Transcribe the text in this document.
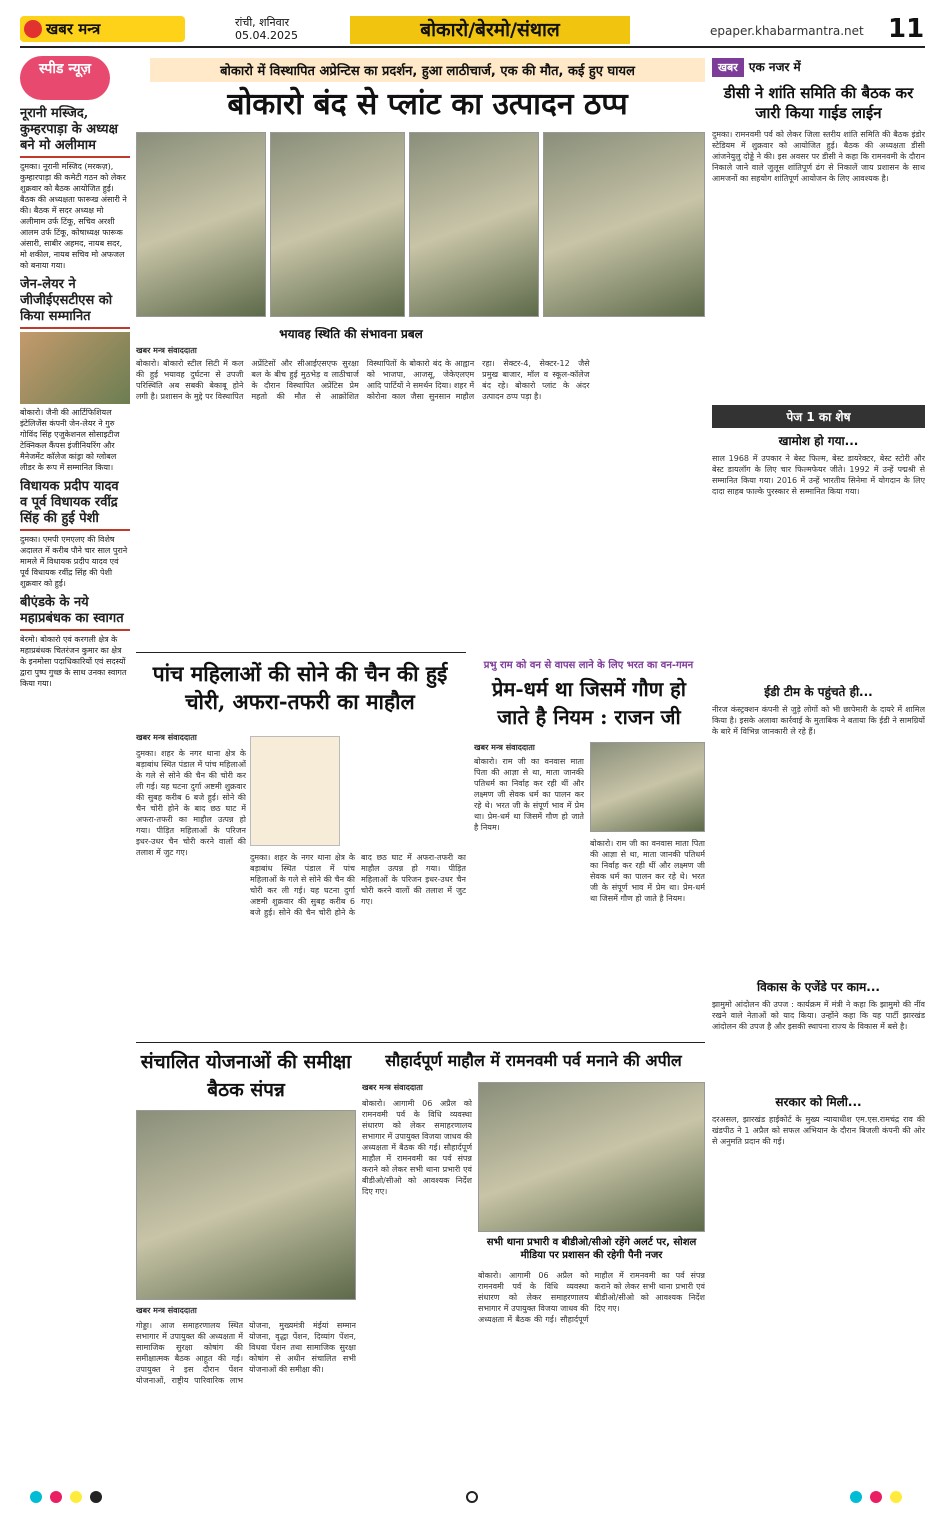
खबर मन्त्र	रांची, शनिवार
05.04.2025	बोकारो/बेरमो/संथाल	epaper.khabarmantra.net 11
स्पीड न्यूज़
नूरानी मस्जिद, कुम्हरपाड़ा के अध्यक्ष बने मो अलीमाम
दुमका। नूरानी मस्जिद (मरकज़), कुम्हारपाड़ा की कमेटी गठन को लेकर शुक्रवार को बैठक आयोजित हुई। बैठक की अध्यक्षता फारूख अंसारी ने की। बैठक में सदर अध्यक्ष मो अलीमाम उर्फ टिंकू, सचिव अरशी आलम उर्फ टिंकू, कोषाध्यक्ष फारूक अंसारी, साबीर अहमद, नायब सदर, मो शकील, नायब सचिव मो अफजल को बनाया गया।
जेन-लेयर ने जीजीईएसटीएस को किया सम्मानित
बोकारो। जैनी की आर्टिफिशियल इंटेलिजेंस कंपनी जेन-लेयर ने गुरु गोविंद सिंह एजुकेशनल सोसाइटीज टेक्निकल कैंपस इंजीनियरिंग और मैनेजमेंट कॉलेज कांड्रा को ग्लोबल लीडर के रूप में सम्मानित किया।
विधायक प्रदीप यादव व पूर्व विधायक रवींद्र सिंह की हुई पेशी
दुमका। एमपी एमएलए की विशेष अदालत में करीब पौने चार साल पुराने मामले में विधायक प्रदीप यादव एवं पूर्व विधायक रवींद्र सिंह की पेशी शुक्रवार को हुई।
बीएंडके के नये महाप्रबंधक का स्वागत
बेरमो। बोकारो एवं करगली क्षेत्र के महाप्रबंधक चितरंजन कुमार का क्षेत्र के इनमोसा पदाधिकारियों एवं सदस्यों द्वारा पुष्प गुच्छ के साथ उनका स्वागत किया गया।
बोकारो में विस्थापित अप्रेन्टिस का प्रदर्शन, हुआ लाठीचार्ज, एक की मौत, कई हुए घायल
बोकारो बंद से प्लांट का उत्पादन ठप्प
भयावह स्थिति की संभावना प्रबल
खबर मन्त्र संवाददाता
बोकारो। बोकारो स्टील सिटी में कल की हुई भयावह दुर्घटना से उपजी परिस्थिति अब सबकी बेकाबू होने लगी है। प्रशासन के मुद्दे पर विस्थापित अप्रेंटिसों और सीआईएसएफ सुरक्षा बल के बीच हुई मुठभेड़ व लाठीचार्ज के दौरान विस्थापित अप्रेंटिस प्रेम महतो की मौत से आक्रोशित विस्थापितों के बोकारो बंद के आह्वान को भाजपा, आजसू, जेकेएलएम आदि पार्टियों ने समर्थन दिया। शहर में कोरोना काल जैसा सुनसान माहौल रहा। सेक्टर-4, सेक्टर-12 जैसे प्रमुख बाजार, मॉल व स्कूल-कॉलेज बंद रहे। बोकारो प्लांट के अंदर उत्पादन ठप्प पड़ा है।
पांच महिलाओं की सोने की चैन की हुई चोरी, अफरा-तफरी का माहौल
खबर मन्त्र संवाददाता
दुमका। शहर के नगर थाना क्षेत्र के बड़ाबांध स्थित पंडाल में पांच महिलाओं के गले से सोने की चैन की चोरी कर ली गई। यह घटना दुर्गा अष्टमी शुक्रवार की सुबह करीब 6 बजे हुई। सोने की चैन चोरी होने के बाद छठ घाट में अफरा-तफरी का माहौल उत्पन्न हो गया। पीड़ित महिलाओं के परिजन इधर-उधर चैन चोरी करने वालों की तलाश में जुट गए।
दुमका। शहर के नगर थाना क्षेत्र के बड़ाबांध स्थित पंडाल में पांच महिलाओं के गले से सोने की चैन की चोरी कर ली गई। यह घटना दुर्गा अष्टमी शुक्रवार की सुबह करीब 6 बजे हुई। सोने की चैन चोरी होने के बाद छठ घाट में अफरा-तफरी का माहौल उत्पन्न हो गया। पीड़ित महिलाओं के परिजन इधर-उधर चैन चोरी करने वालों की तलाश में जुट गए।
प्रभु राम को वन से वापस लाने के लिए भरत का वन-गमन
प्रेम-धर्म था जिसमें गौण हो जाते है नियम : राजन जी
खबर मन्त्र संवाददाता
बोकारो। राम जी का वनवास माता पिता की आज्ञा से था, माता जानकी पतिधर्म का निर्वाह कर रही थीं और लक्ष्मण जी सेवक धर्म का पालन कर रहे थे। भरत जी के संपूर्ण भाव में प्रेम था। प्रेम-धर्म था जिसमें गौण हो जाते है नियम।
बोकारो। राम जी का वनवास माता पिता की आज्ञा से था, माता जानकी पतिधर्म का निर्वाह कर रही थीं और लक्ष्मण जी सेवक धर्म का पालन कर रहे थे। भरत जी के संपूर्ण भाव में प्रेम था। प्रेम-धर्म था जिसमें गौण हो जाते है नियम।
संचालित योजनाओं की समीक्षा बैठक संपन्न
खबर मन्त्र संवाददाता
गोड्डा। आज समाहरणालय स्थित सभागार में उपायुक्त की अध्यक्षता में सामाजिक सुरक्षा कोषांग की समीक्षात्मक बैठक आहूत की गई। उपायुक्त ने इस दौरान पेंशन योजनाओं, राष्ट्रीय पारिवारिक लाभ योजना, मुख्यमंत्री मंईयां सम्मान योजना, वृद्धा पेंशन, दिव्यांग पेंशन, विधवा पेंशन तथा सामाजिक सुरक्षा कोषांग से अधीन संचालित सभी योजनाओं की समीक्षा की।
सौहार्दपूर्ण माहौल में रामनवमी पर्व मनाने की अपील
खबर मन्त्र संवाददाता
बोकारो। आगामी 06 अप्रैल को रामनवमी पर्व के विधि व्यवस्था संधारण को लेकर समाहरणालय सभागार में उपायुक्त विजया जाधव की अध्यक्षता में बैठक की गई। सौहार्दपूर्ण माहौल में रामनवमी का पर्व संपन्न कराने को लेकर सभी थाना प्रभारी एवं बीडीओ/सीओ को आवश्यक निर्देश दिए गए।
सभी थाना प्रभारी व बीडीओ/सीओ रहेंगे अलर्ट पर, सोशल मीडिया पर प्रशासन की रहेगी पैनी नजर
बोकारो। आगामी 06 अप्रैल को रामनवमी पर्व के विधि व्यवस्था संधारण को लेकर समाहरणालय सभागार में उपायुक्त विजया जाधव की अध्यक्षता में बैठक की गई। सौहार्दपूर्ण माहौल में रामनवमी का पर्व संपन्न कराने को लेकर सभी थाना प्रभारी एवं बीडीओ/सीओ को आवश्यक निर्देश दिए गए।
खबर एक नजर में
डीसी ने शांति समिति की बैठक कर जारी किया गाईड लाईन
दुमका। रामनवमी पर्व को लेकर जिला स्तरीय शांति समिति की बैठक इंडोर स्टेडियम में शुक्रवार को आयोजित हुई। बैठक की अध्यक्षता डीसी आंजनेयुलु दोड्डे ने की। इस अवसर पर डीसी ने कहा कि रामनवमी के दौरान निकाले जाने वाले जुलूस शांतिपूर्ण ढंग से निकालें जाय प्रशासन के साथ आमजनों का सहयोग शांतिपूर्ण आयोजन के लिए आवश्यक है।
पेज 1 का शेष
खामोश हो गया...
साल 1968 में उपकार ने बेस्ट फिल्म, बेस्ट डायरेक्टर, बेस्ट स्टोरी और बेस्ट डायलॉग के लिए चार फिल्मफेयर जीते। 1992 में उन्हें पद्मश्री से सम्मानित किया गया। 2016 में उन्हें भारतीय सिनेमा में योगदान के लिए दादा साहब फाल्के पुरस्कार से सम्मानित किया गया।
ईडी टीम के पहुंचते ही...
नीरज कंस्ट्रक्शन कंपनी से जुड़े लोगों को भी छापेमारी के दायरे में शामिल किया है। इसके अलावा कार्रवाई के मुताबिक ने बताया कि ईडी ने सामग्रियों के बारे में विभिन्न जानकारी ले रहे हैं।
विकास के एजेंडे पर काम...
झामुमो आंदोलन की उपज : कार्यक्रम में मंत्री ने कहा कि झामुमो की नींव रखने वाले नेताओं को याद किया। उन्होंने कहा कि यह पार्टी झारखंड आंदोलन की उपज है और इसकी स्थापना राज्य के विकास में बसे है।
सरकार को मिली...
दरअसल, झारखंड हाईकोर्ट के मुख्य न्यायाधीश एम.एस.रामचंद्र राव की खंडपीठ ने 1 अप्रैल को सफल अभियान के दौरान बिजली कंपनी की ओर से अनुमति प्रदान की गई।
